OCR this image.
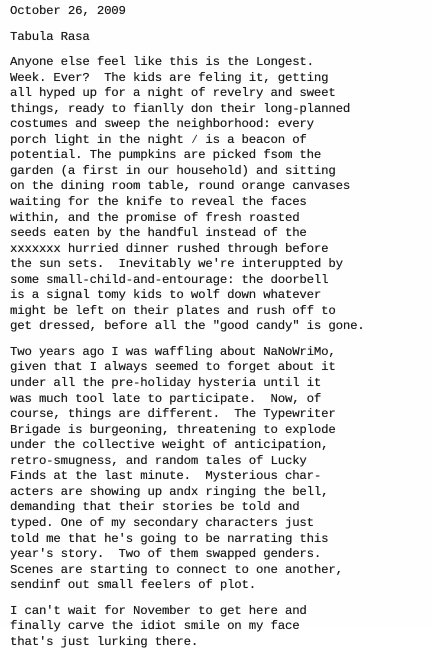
October 26, 2009
Tabula Rasa
Anyone else feel like this is the Longest.
Week. Ever?  The kids are feling it, getting
all hyped up for a night of revelry and sweet
things, ready to fianlly don their long-planned
costumes and sweep the neighborhood: every
porch light in the night ∕ is a beacon of
potential. The pumpkins are picked fsom the
garden (a first in our household) and sitting
on the dining room table, round orange canvases
waiting for the knife to reveal the faces
within, and the promise of fresh roasted
seeds eaten by the handful instead of the
xxxxxxx hurried dinner rushed through before
the sun sets.  Inevitably we're interuppted by
some small-child-and-entourage: the doorbell
is a signal tomy kids to wolf down whatever
might be left on their plates and rush off to
get dressed, before all the "good candy" is gone.
Two years ago I was waffling about NaNoWriMo,
given that I always seemed to forget about it
under all the pre-holiday hysteria until it
was much tool late to participate.  Now, of
course, things are different.  The Typewriter
Brigade is burgeoning, threatening to explode
under the collective weight of anticipation,
retro-smugness, and random tales of Lucky
Finds at the last minute.  Mysterious char-
acters are showing up andx ringing the bell,
demanding that their stories be told and
typed. One of my secondary characters just
told me that he's going to be narrating this
year's story.  Two of them swapped genders.
Scenes are starting to connect to one another,
sendinf out small feelers of plot.
I can't wait for November to get here and
finally carve the idiot smile on my face
that's just lurking there.
